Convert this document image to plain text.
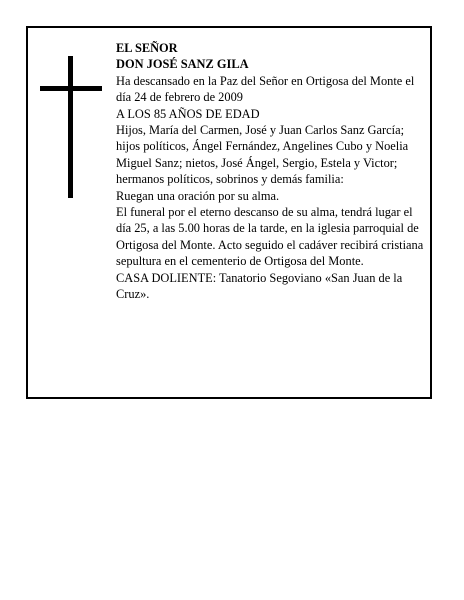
EL SEÑOR

DON JOSÉ SANZ GILA

Ha descansado en la Paz del Señor en Ortigosa del Monte el día 24 de febrero de 2009

A LOS 85 AÑOS DE EDAD

Hijos, María del Carmen, José y Juan Carlos Sanz García; hijos políticos, Ángel Fernández, Angelines Cubo y Noelia Miguel Sanz; nietos, José Ángel, Sergio, Estela y Victor; hermanos políticos, sobrinos y demás familia:

Ruegan una oración por su alma.

El funeral por el eterno descanso de su alma, tendrá lugar el día 25, a las 5.00 horas de la tarde, en la iglesia parroquial de Ortigosa del Monte. Acto seguido el cadáver recibirá cristiana sepultura en el cementerio de Ortigosa del Monte.

CASA DOLIENTE: Tanatorio Segoviano «San Juan de la Cruz».
